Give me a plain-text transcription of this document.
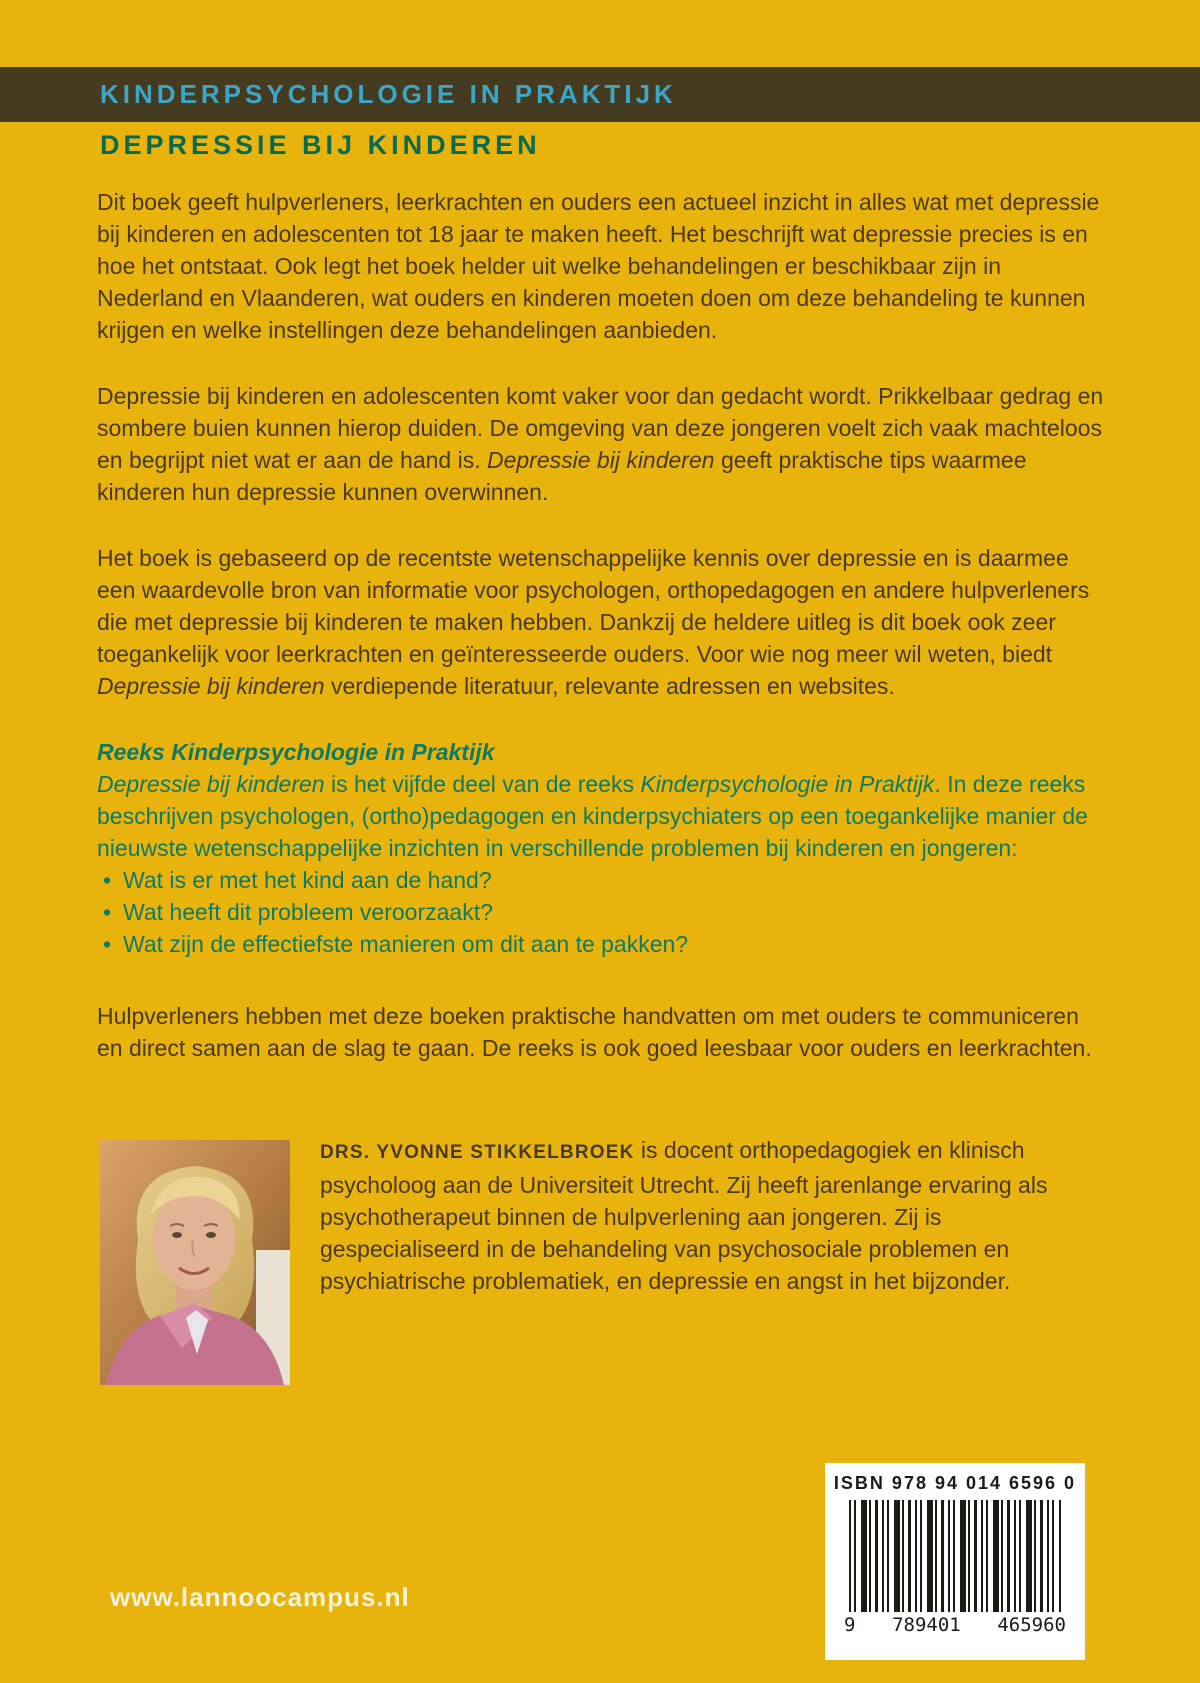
KINDERPSYCHOLOGIE IN PRAKTIJK
DEPRESSIE BIJ KINDEREN

Dit boek geeft hulpverleners, leerkrachten en ouders een actueel inzicht in alles wat met depressie bij kinderen en adolescenten tot 18 jaar te maken heeft. Het beschrijft wat depressie precies is en hoe het ontstaat. Ook legt het boek helder uit welke behandelingen er beschikbaar zijn in Nederland en Vlaanderen, wat ouders en kinderen moeten doen om deze behandeling te kunnen krijgen en welke instellingen deze behandelingen aanbieden.

Depressie bij kinderen en adolescenten komt vaker voor dan gedacht wordt. Prikkelbaar gedrag en sombere buien kunnen hierop duiden. De omgeving van deze jongeren voelt zich vaak machteloos en begrijpt niet wat er aan de hand is. Depressie bij kinderen geeft praktische tips waarmee kinderen hun depressie kunnen overwinnen.

Het boek is gebaseerd op de recentste wetenschappelijke kennis over depressie en is daarmee een waardevolle bron van informatie voor psychologen, orthopedagogen en andere hulpverleners die met depressie bij kinderen te maken hebben. Dankzij de heldere uitleg is dit boek ook zeer toegankelijk voor leerkrachten en geïnteresseerde ouders. Voor wie nog meer wil weten, biedt Depressie bij kinderen verdiepende literatuur, relevante adressen en websites.

Reeks Kinderpsychologie in Praktijk

Depressie bij kinderen is het vijfde deel van de reeks Kinderpsychologie in Praktijk. In deze reeks beschrijven psychologen, (ortho)pedagogen en kinderpsychiaters op een toegankelijke manier de nieuwste wetenschappelijke inzichten in verschillende problemen bij kinderen en jongeren:

• Wat is er met het kind aan de hand?
• Wat heeft dit probleem veroorzaakt?
• Wat zijn de effectiefste manieren om dit aan te pakken?

Hulpverleners hebben met deze boeken praktische handvatten om met ouders te communiceren en direct samen aan de slag te gaan. De reeks is ook goed leesbaar voor ouders en leerkrachten.

DRS. YVONNE STIKKELBROEK is docent orthopedagogiek en klinisch psycholoog aan de Universiteit Utrecht. Zij heeft jarenlange ervaring als psychotherapeut binnen de hulpverlening aan jongeren. Zij is gespecialiseerd in de behandeling van psychosociale problemen en psychiatrische problematiek, en depressie en angst in het bijzonder.

www.lannoocampus.nl
ISBN 978 94 014 6596 0
9 789401 465960
